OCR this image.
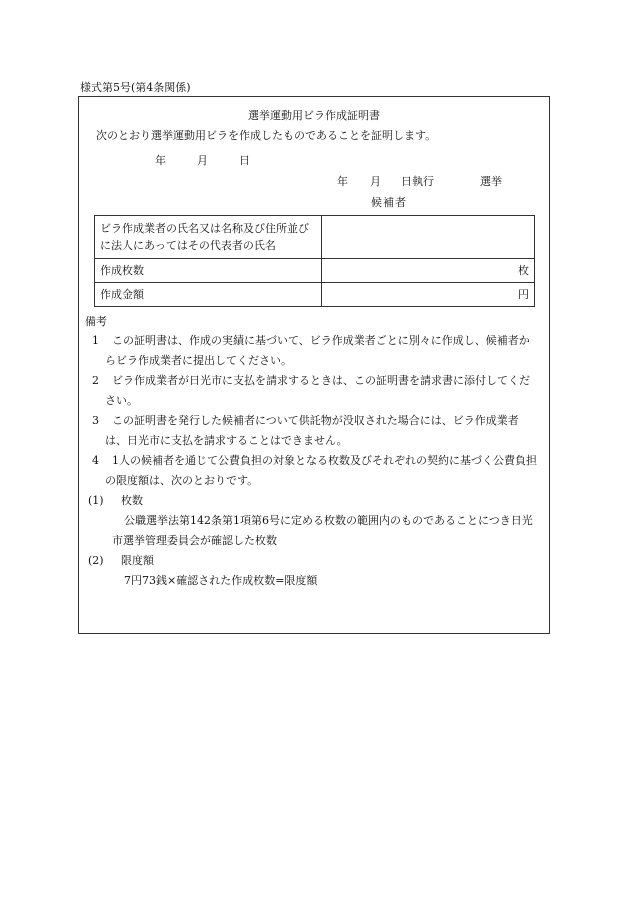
様式第5号(第4条関係)
選挙運動用ビラ作成証明書
次のとおり選挙運動用ビラを作成したものであることを証明します。
年	月	日
年 月 日執行	選挙
候補者
ビラ作成業者の氏名又は名称及び住所並びに法人にあってはその代表者の氏名	
作成枚数	枚
作成金額	円
備考
1	この証明書は、作成の実績に基づいて、ビラ作成業者ごとに別々に作成し、候補者からビラ作成業者に提出してください。
2	ビラ作成業者が日光市に支払を請求するときは、この証明書を請求書に添付してください。
3	この証明書を発行した候補者について供託物が没収された場合には、ビラ作成業者は、日光市に支払を請求することはできません。
4	1人の候補者を通じて公費負担の対象となる枚数及びそれぞれの契約に基づく公費負担の限度額は、次のとおりです。
(1) 枚数
公職選挙法第142条第1項第6号に定める枚数の範囲内のものであることにつき日光市選挙管理委員会が確認した枚数
(2) 限度額
7円73銭×確認された作成枚数=限度額
